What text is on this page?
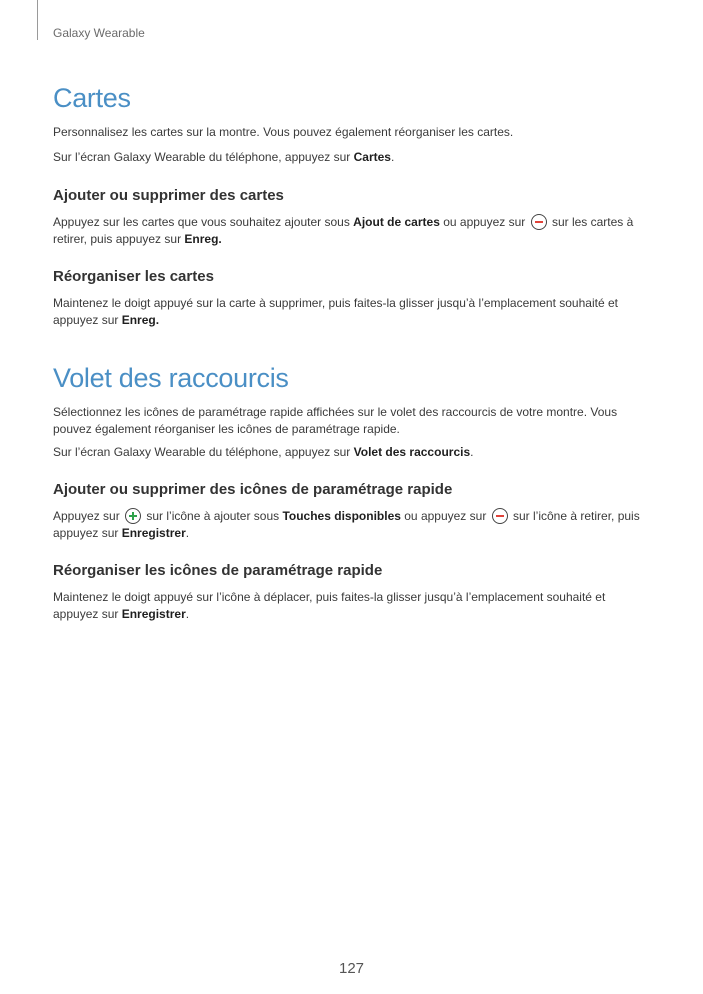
Galaxy Wearable
Cartes

Personnalisez les cartes sur la montre. Vous pouvez également réorganiser les cartes.

Sur l’écran Galaxy Wearable du téléphone, appuyez sur Cartes.

Ajouter ou supprimer des cartes

Appuyez sur les cartes que vous souhaitez ajouter sous Ajout de cartes ou appuyez sur  sur les cartes à retirer, puis appuyez sur Enreg.

Réorganiser les cartes

Maintenez le doigt appuyé sur la carte à supprimer, puis faites-la glisser jusqu’à l’emplacement souhaité et appuyez sur Enreg.

Volet des raccourcis

Sélectionnez les icônes de paramétrage rapide affichées sur le volet des raccourcis de votre montre. Vous pouvez également réorganiser les icônes de paramétrage rapide.

Sur l’écran Galaxy Wearable du téléphone, appuyez sur Volet des raccourcis.

Ajouter ou supprimer des icônes de paramétrage rapide

Appuyez sur  sur l’icône à ajouter sous Touches disponibles ou appuyez sur  sur l’icône à retirer, puis appuyez sur Enregistrer.

Réorganiser les icônes de paramétrage rapide

Maintenez le doigt appuyé sur l’icône à déplacer, puis faites-la glisser jusqu’à l’emplacement souhaité et appuyez sur Enregistrer.

127
